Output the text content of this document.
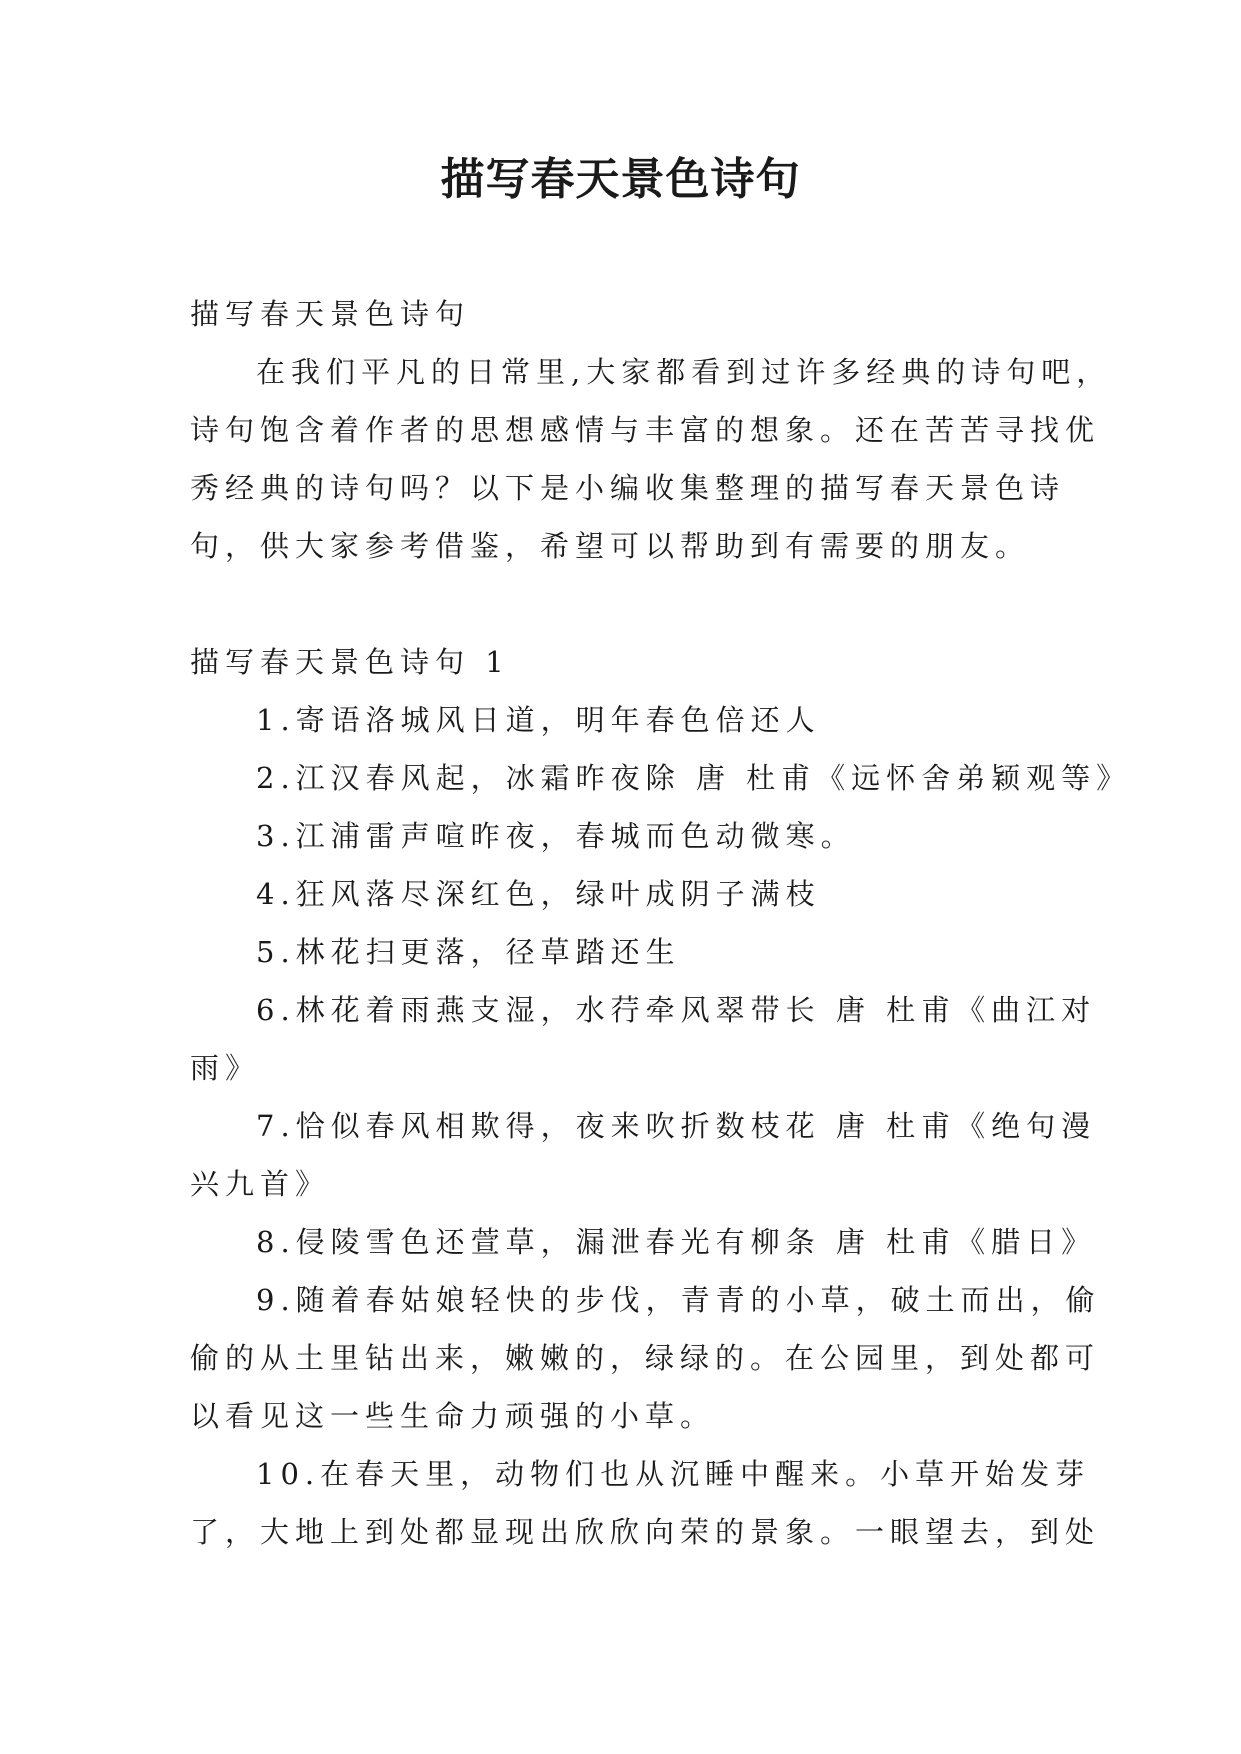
描写春天景色诗句

描写春天景色诗句

在我们平凡的日常里,大家都看到过许多经典的诗句吧，

诗句饱含着作者的思想感情与丰富的想象。还在苦苦寻找优

秀经典的诗句吗？以下是小编收集整理的描写春天景色诗

句，供大家参考借鉴，希望可以帮助到有需要的朋友。

描写春天景色诗句 1

1.寄语洛城风日道，明年春色倍还人

2.江汉春风起，冰霜昨夜除 唐 杜甫《远怀舍弟颖观等》

3.江浦雷声喧昨夜，春城而色动微寒。

4.狂风落尽深红色，绿叶成阴子满枝

5.林花扫更落，径草踏还生

6.林花着雨燕支湿，水荇牵风翠带长 唐 杜甫《曲江对

雨》

7.恰似春风相欺得，夜来吹折数枝花 唐 杜甫《绝句漫

兴九首》

8.侵陵雪色还萱草，漏泄春光有柳条 唐 杜甫《腊日》

9.随着春姑娘轻快的步伐，青青的小草，破土而出，偷

偷的从土里钻出来，嫩嫩的，绿绿的。在公园里，到处都可

以看见这一些生命力顽强的小草。

10.在春天里，动物们也从沉睡中醒来。小草开始发芽

了，大地上到处都显现出欣欣向荣的景象。一眼望去，到处
